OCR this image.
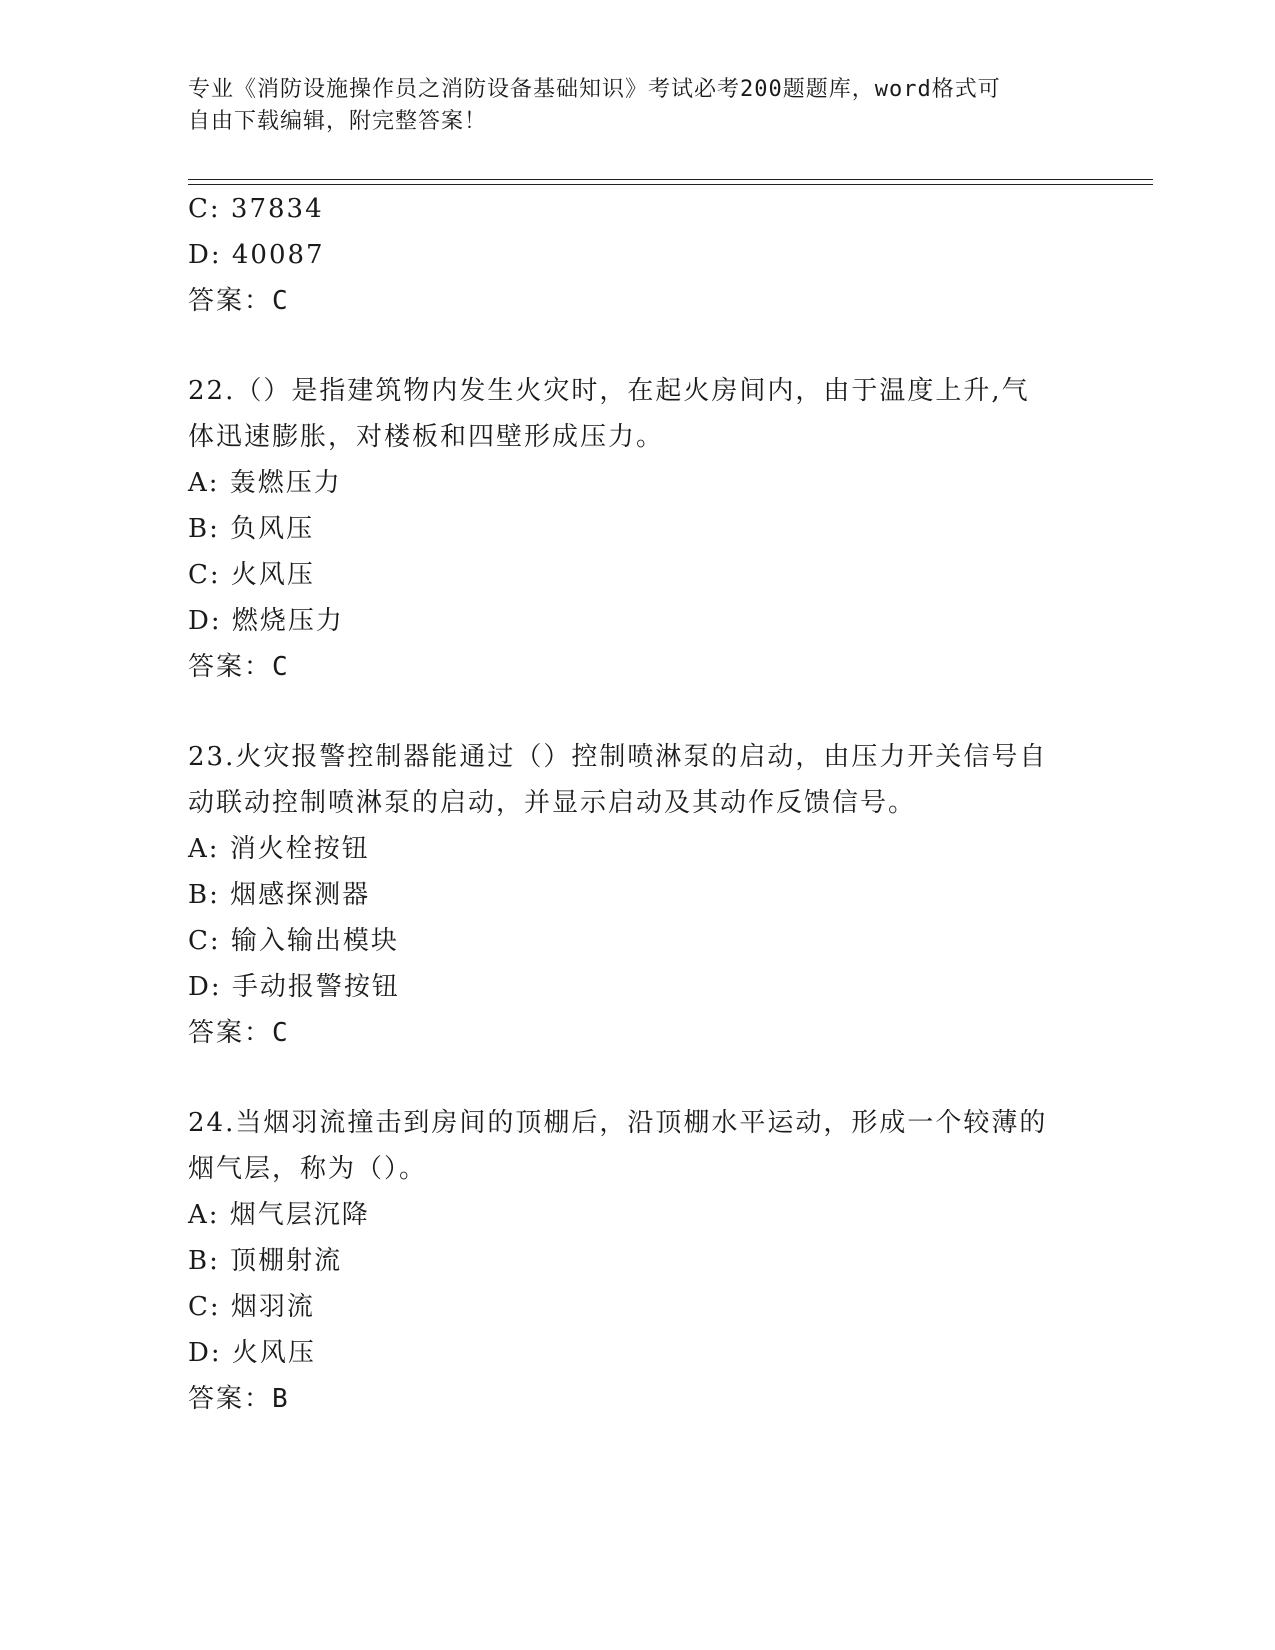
专业《消防设施操作员之消防设备基础知识》考试必考200题题库，word格式可
自由下载编辑，附完整答案！
C: 37834
D: 40087
答案：C
22.（）是指建筑物内发生火灾时，在起火房间内，由于温度上升,气
体迅速膨胀，对楼板和四壁形成压力。
A: 轰燃压力
B: 负风压
C: 火风压
D: 燃烧压力
答案：C
23.火灾报警控制器能通过（）控制喷淋泵的启动，由压力开关信号自
动联动控制喷淋泵的启动，并显示启动及其动作反馈信号。
A: 消火栓按钮
B: 烟感探测器
C: 输入输出模块
D: 手动报警按钮
答案：C
24.当烟羽流撞击到房间的顶棚后，沿顶棚水平运动，形成一个较薄的
烟气层，称为（）。
A: 烟气层沉降
B: 顶棚射流
C: 烟羽流
D: 火风压
答案：B
